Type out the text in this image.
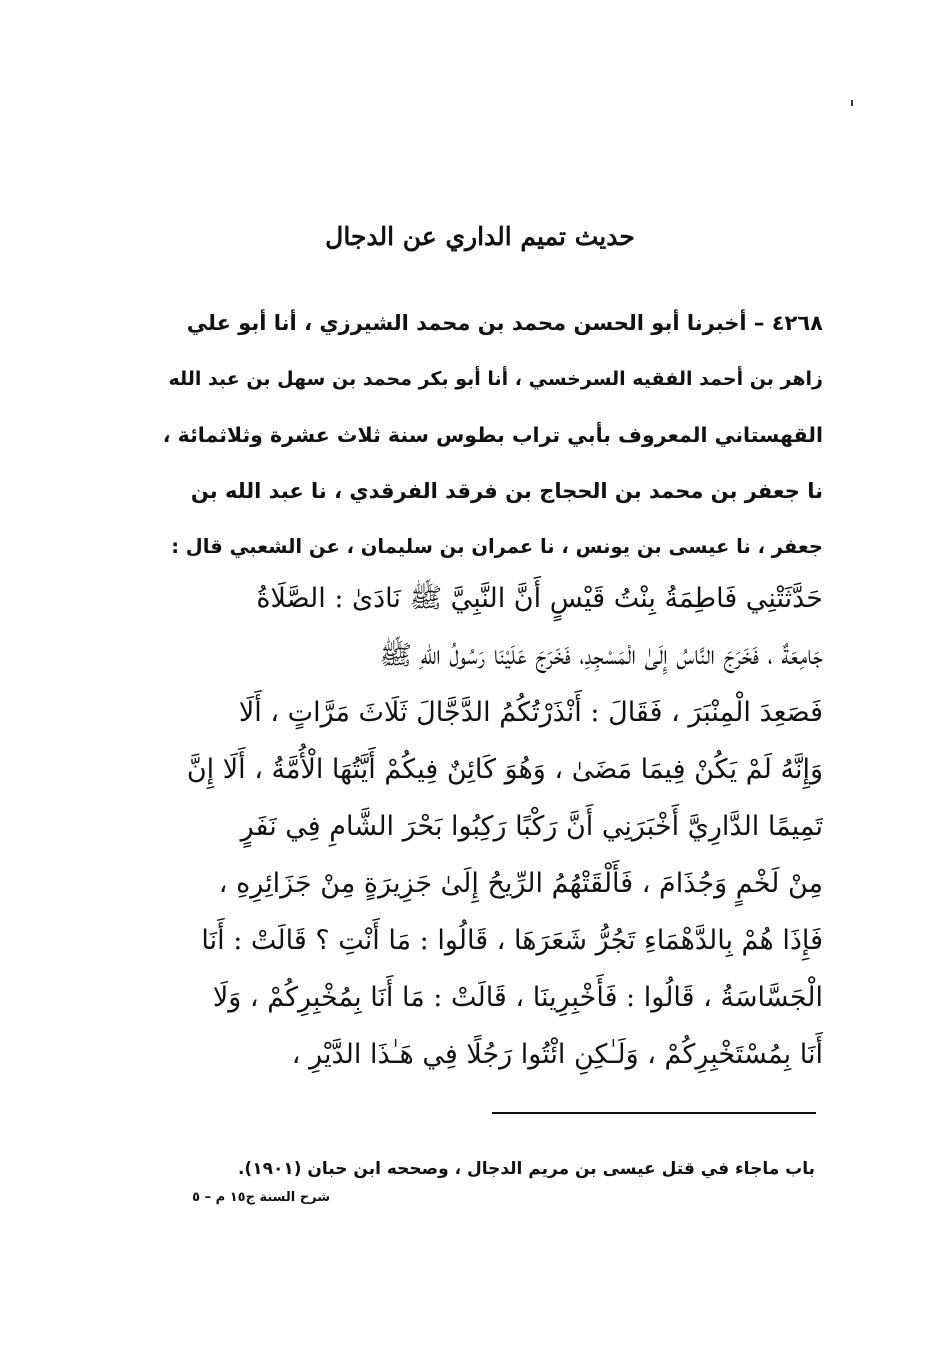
حديث تميم الداري عن الدجال
٤٢٦٨ – أخبرنا أبو الحسن محمد بن محمد الشيرزي ، أنا أبو علي
زاهر بن أحمد الفقيه السرخسي ، أنا أبو بكر محمد بن سهل بن عبد الله
القهستاني المعروف بأبي تراب بطوس سنة ثلاث عشرة وثلاثمائة ،
نا جعفر بن محمد بن الحجاج بن فرقد الفرقدي ، نا عبد الله بن
جعفر ، نا عيسى بن يونس ، نا عمران بن سليمان ، عن الشعبي قال :
حَدَّثَتْنِي فَاطِمَةُ بِنْتُ قَيْسٍ أَنَّ النَّبِيَّ ﷺ نَادَىٰ : الصَّلَاةُ
جَامِعَةٌ ، فَخَرَجَ النَّاسُ إِلَىٰ الْمَسْجِدِ، فَخَرَجَ عَلَيْنَا رَسُولُ اللهِ ﷺ
فَصَعِدَ الْمِنْبَرَ ، فَقَالَ : أَنْذَرْتُكُمُ الدَّجَّالَ ثَلَاثَ مَرَّاتٍ ، أَلَا
وَإِنَّهُ لَمْ يَكُنْ فِيمَا مَضَىٰ ، وَهُوَ كَائِنٌ فِيكُمْ أَيَّتُهَا الْأُمَّةُ ، أَلَا إِنَّ
تَمِيمًا الدَّارِيَّ أَخْبَرَنِي أَنَّ رَكْبًا رَكِبُوا بَحْرَ الشَّامِ فِي نَفَرٍ
مِنْ لَخْمٍ وَجُذَامَ ، فَأَلْقَتْهُمُ الرِّيحُ إِلَىٰ جَزِيرَةٍ مِنْ جَزَائِرِهِ ،
فَإِذَا هُمْ بِالدَّهْمَاءِ تَجُرُّ شَعَرَهَا ، قَالُوا : مَا أَنْتِ ؟ قَالَتْ : أَنَا
الْجَسَّاسَةُ ، قَالُوا : فَأَخْبِرِينَا ، قَالَتْ : مَا أَنَا بِمُخْبِرِكُمْ ، وَلَا
أَنَا بِمُسْتَخْبِرِكُمْ ، وَلَـٰكِنِ ائْتُوا رَجُلًا فِي هَـٰذَا الدَّيْرِ ،
باب ماجاء في قتل عيسى بن مريم الدجال ، وصححه ابن حبان (١٩٠١).
شرح السنة ج١٥ م – ٥
